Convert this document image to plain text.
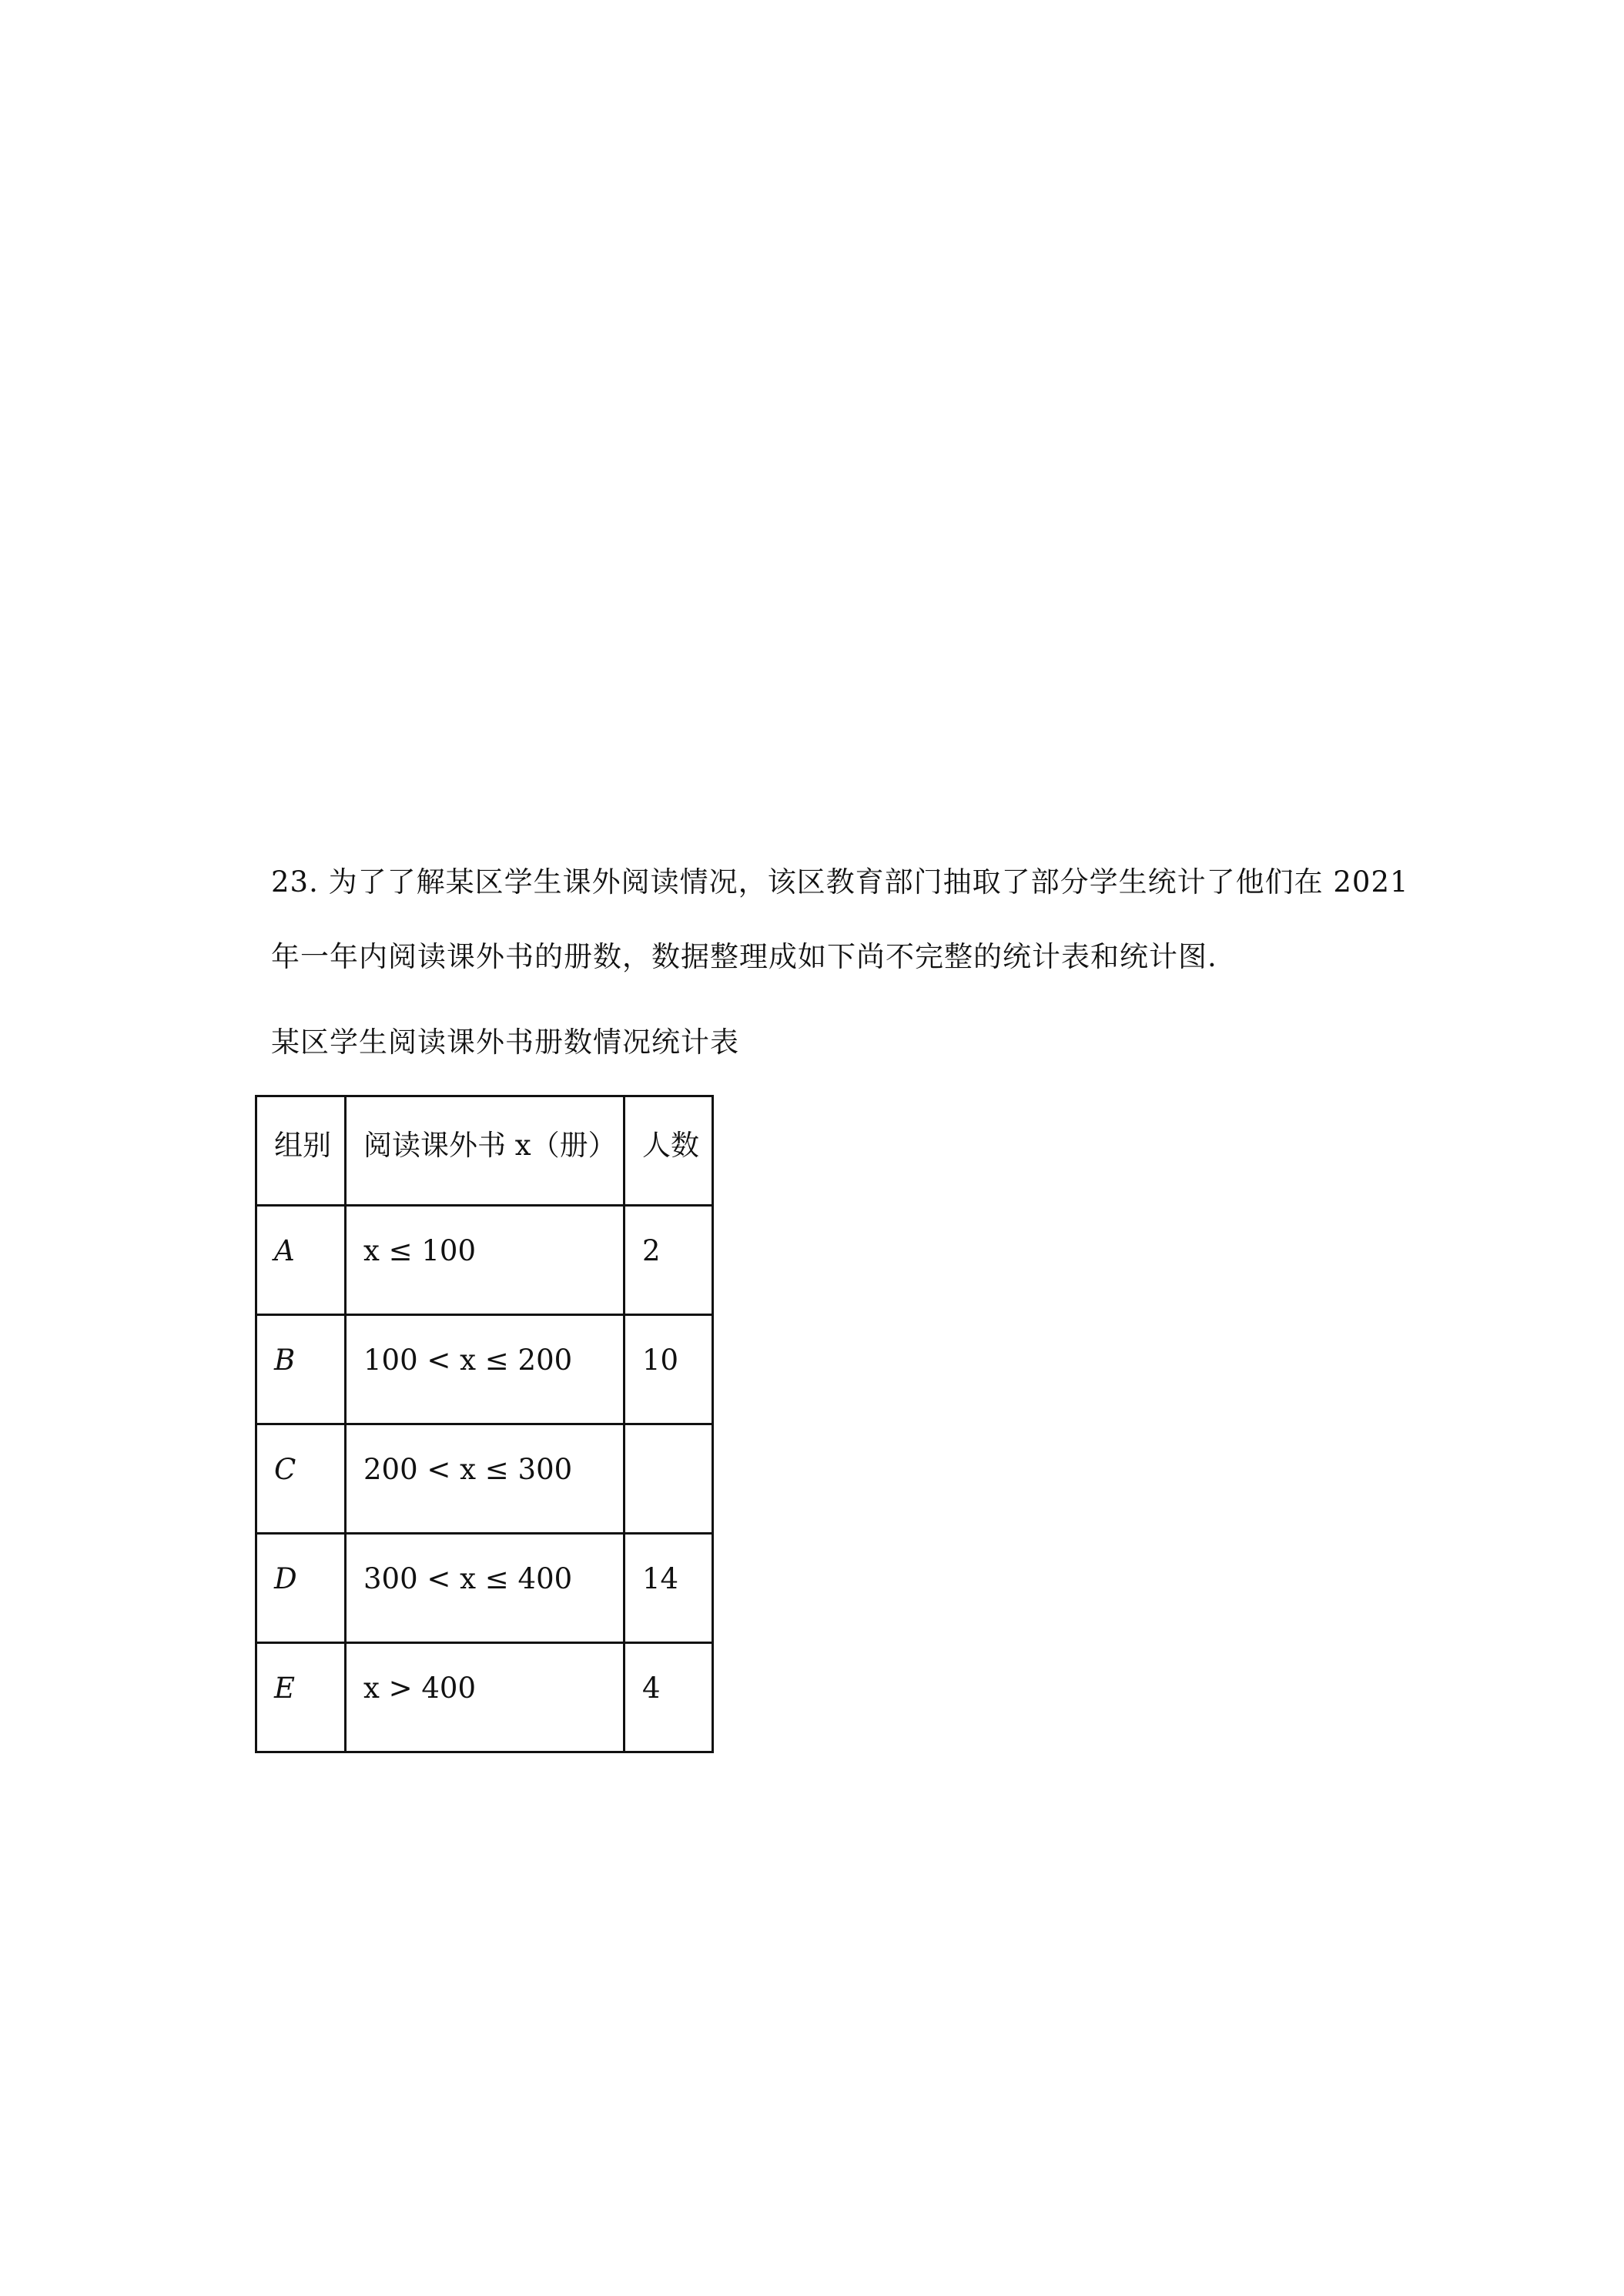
23. 为了了解某区学生课外阅读情况，该区教育部门抽取了部分学生统计了他们在 2021
年一年内阅读课外书的册数，数据整理成如下尚不完整的统计表和统计图.
某区学生阅读课外书册数情况统计表
组别	阅读课外书 x（册）	人数
A	x ≤ 100	2
B	100 < x ≤ 200	10
C	200 < x ≤ 300	
D	300 < x ≤ 400	14
E	x > 400	4
